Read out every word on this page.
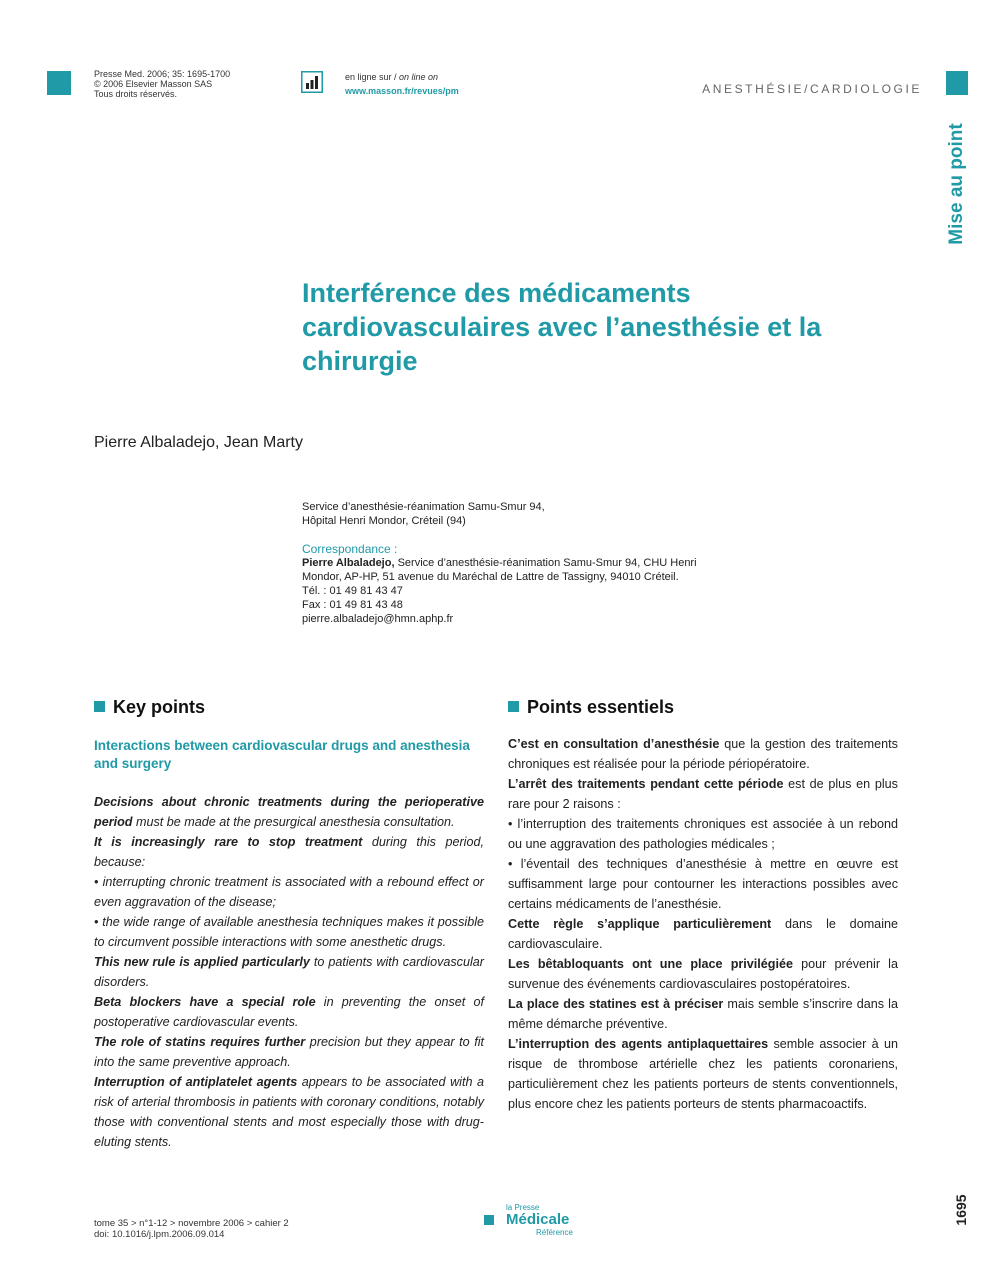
Presse Med. 2006; 35: 1695-1700
© 2006 Elsevier Masson SAS
Tous droits réservés.
en ligne sur / on line on
www.masson.fr/revues/pm	ANESTHÉSIE/CARDIOLOGIE
Mise au point
Interférence des médicaments cardiovasculaires avec l’anesthésie et la chirurgie
Pierre Albaladejo, Jean Marty
Service d’anesthésie-réanimation Samu-Smur 94,
Hôpital Henri Mondor, Créteil (94)
Correspondance :
Pierre Albaladejo, Service d’anesthésie-réanimation Samu-Smur 94, CHU Henri Mondor, AP-HP, 51 avenue du Maréchal de Lattre de Tassigny, 94010 Créteil.
Tél. : 01 49 81 43 47
Fax : 01 49 81 43 48
pierre.albaladejo@hmn.aphp.fr
Key points
Interactions between cardiovascular drugs and anesthesia and surgery

Decisions about chronic treatments during the perioperative period must be made at the presurgical anesthesia consultation.

It is increasingly rare to stop treatment during this period, because:

• interrupting chronic treatment is associated with a rebound effect or even aggravation of the disease;

• the wide range of available anesthesia techniques makes it possible to circumvent possible interactions with some anesthetic drugs.

This new rule is applied particularly to patients with cardiovascular disorders.

Beta blockers have a special role in preventing the onset of postoperative cardiovascular events.

The role of statins requires further precision but they appear to fit into the same preventive approach.

Interruption of antiplatelet agents appears to be associated with a risk of arterial thrombosis in patients with coronary conditions, notably those with conventional stents and most especially those with drug-eluting stents.

Points essentiels

C’est en consultation d’anesthésie que la gestion des traitements chroniques est réalisée pour la période périopératoire.

L’arrêt des traitements pendant cette période est de plus en plus rare pour 2 raisons :

• l’interruption des traitements chroniques est associée à un rebond ou une aggravation des pathologies médicales ;

• l’éventail des techniques d’anesthésie à mettre en œuvre est suffisamment large pour contourner les interactions possibles avec certains médicaments de l’anesthésie.

Cette règle s’applique particulièrement dans le domaine cardiovasculaire.

Les bêtabloquants ont une place privilégiée pour prévenir la survenue des événements cardiovasculaires postopératoires.

La place des statines est à préciser mais semble s’inscrire dans la même démarche préventive.

L’interruption des agents antiplaquettaires semble associer à un risque de thrombose artérielle chez les patients coronariens, particulièrement chez les patients porteurs de stents conventionnels, plus encore chez les patients porteurs de stents pharmacoactifs.

tome 35 > n°1-12 > novembre 2006 > cahier 2
doi: 10.1016/j.lpm.2006.09.014
la Presse
Médicale
Référence
1695
